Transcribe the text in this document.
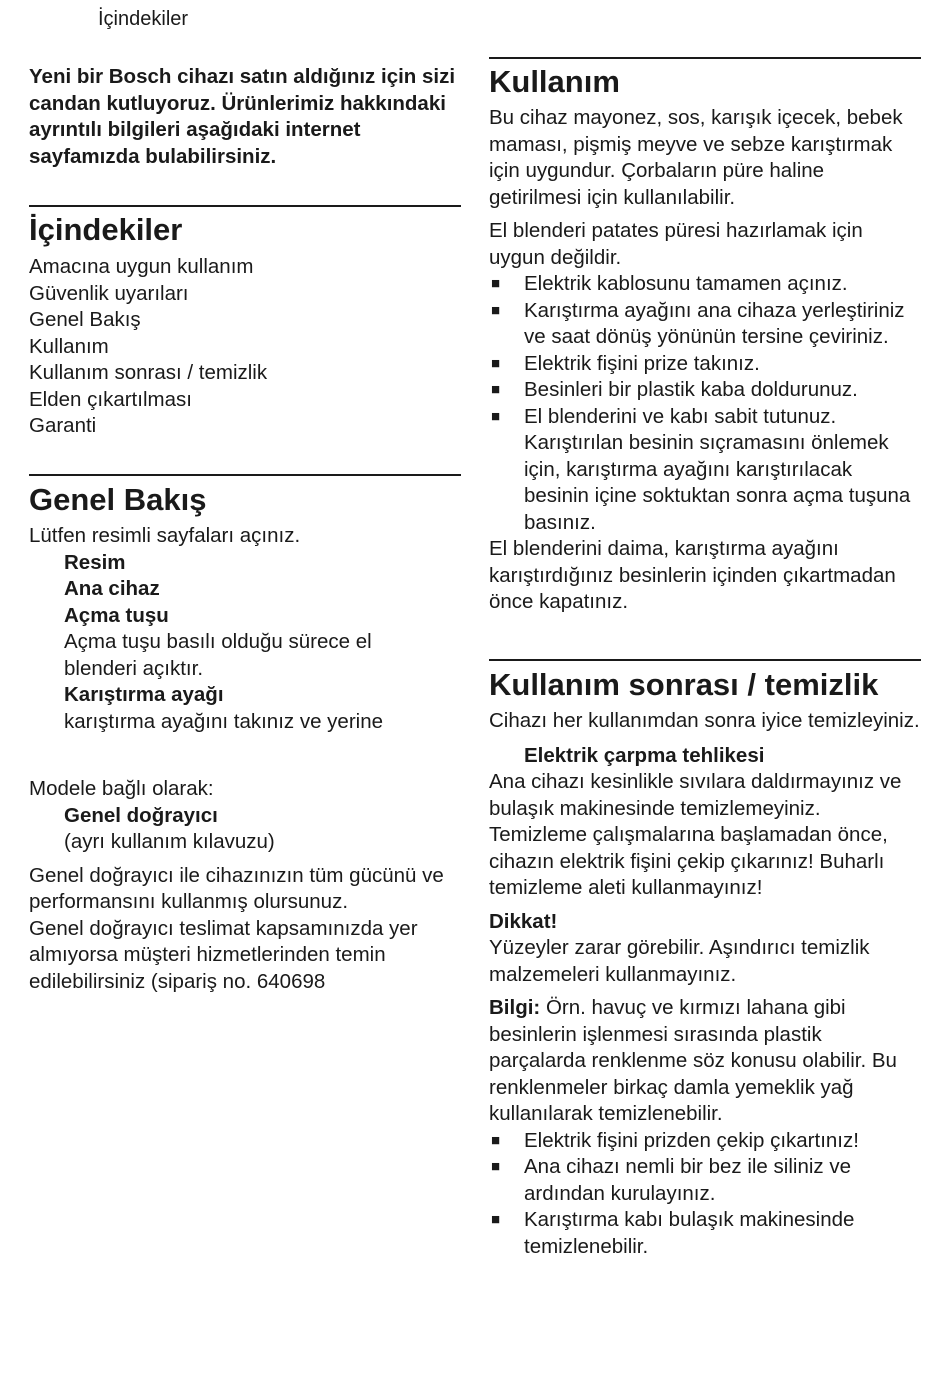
İçindekiler

Yeni bir Bosch cihazı satın aldığınız için sizi candan kutluyoruz. Ürünlerimiz hakkındaki ayrıntılı bilgileri aşağıdaki internet sayfamızda bulabilirsiniz.

İçindekiler
Amacına uygun kullanım
Güvenlik uyarıları
Genel Bakış
Kullanım
Kullanım sonrası / temizlik
Elden çıkartılması
Garanti
Genel Bakış
Lütfen resimli sayfaları açınız.
Resim
Ana cihaz
Açma tuşu
Açma tuşu basılı olduğu sürece el blenderi açıktır.
Karıştırma ayağı
karıştırma ayağını takınız ve yerine
Modele bağlı olarak:
Genel doğrayıcı
(ayrı kullanım kılavuzu)

Genel doğrayıcı ile cihazınızın tüm gücünü ve performansını kullanmış olursunuz.

Genel doğrayıcı teslimat kapsamınızda yer almıyorsa müşteri hizmetlerinden temin edilebilirsiniz (sipariş no. 640698

Kullanım

Bu cihaz mayonez, sos, karışık içecek, bebek maması, pişmiş meyve ve sebze karıştırmak için uygundur. Çorbaların püre haline getirilmesi için kullanılabilir.

El blenderi patates püresi hazırlamak için uygun değildir.

■ Elektrik kablosunu tamamen açınız.
■ Karıştırma ayağını ana cihaza yerleştiriniz ve saat dönüş yönünün tersine çeviriniz.
■ Elektrik fişini prize takınız.
■ Besinleri bir plastik kaba doldurunuz.
■ El blenderini ve kabı sabit tutunuz. Karıştırılan besinin sıçramasını önlemek için, karıştırma ayağını karıştırılacak besinin içine soktuktan sonra açma tuşuna basınız.

El blenderini daima, karıştırma ayağını karıştırdığınız besinlerin içinden çıkartmadan önce kapatınız.

Kullanım sonrası / temizlik

Cihazı her kullanımdan sonra iyice temizleyiniz.

Elektrik çarpma tehlikesi

Ana cihazı kesinlikle sıvılara daldırmayınız ve bulaşık makinesinde temizlemeyiniz. Temizleme çalışmalarına başlamadan önce, cihazın elektrik fişini çekip çıkarınız! Buharlı temizleme aleti kullanmayınız!

Dikkat!

Yüzeyler zarar görebilir. Aşındırıcı temizlik malzemeleri kullanmayınız.

Bilgi: Örn. havuç ve kırmızı lahana gibi besinlerin işlenmesi sırasında plastik parçalarda renklenme söz konusu olabilir. Bu renklenmeler birkaç damla yemeklik yağ kullanılarak temizlenebilir.

■ Elektrik fişini prizden çekip çıkartınız!
■ Ana cihazı nemli bir bez ile siliniz ve ardından kurulayınız.
■ Karıştırma kabı bulaşık makinesinde temizlenebilir.
